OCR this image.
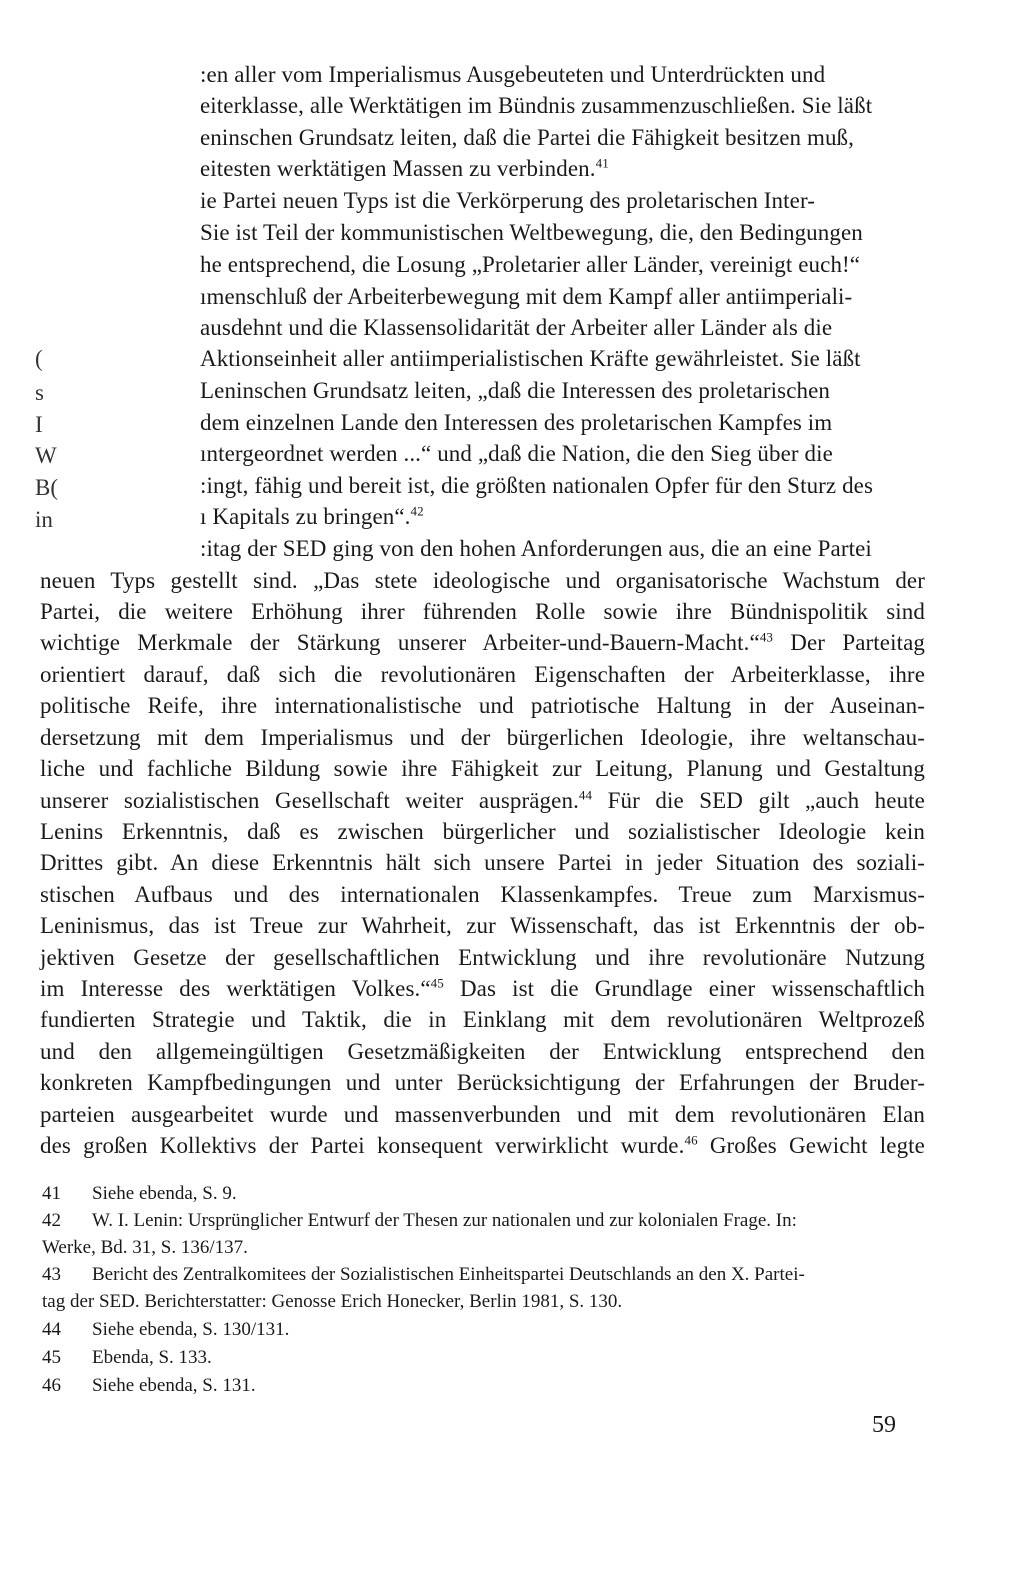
:en aller vom Imperialismus Ausgebeuteten und Unterdrückten und
eiterklasse, alle Werktätigen im Bündnis zusammenzuschließen. Sie läßt
eninschen Grundsatz leiten, daß die Partei die Fähigkeit besitzen muß,
eitesten werktätigen Massen zu verbinden.$^{41}$
ie Partei neuen Typs ist die Verkörperung des proletarischen Inter-
Sie ist Teil der kommunistischen Weltbewegung, die, den Bedingungen
he entsprechend, die Losung „Proletarier aller Länder, vereinigt euch!“
ımenschluß der Arbeiterbewegung mit dem Kampf aller antiimperiali-
ausdehnt und die Klassensolidarität der Arbeiter aller Länder als die
Aktionseinheit aller antiimperialistischen Kräfte gewährleistet. Sie läßt
Leninschen Grundsatz leiten, „daß die Interessen des proletarischen
dem einzelnen Lande den Interessen des proletarischen Kampfes im
ıntergeordnet werden ...“ und „daß die Nation, die den Sieg über die
:ingt, fähig und bereit ist, die größten nationalen Opfer für den Sturz des
ı Kapitals zu bringen“.$^{42}$
:itag der SED ging von den hohen Anforderungen aus, die an eine Partei
(
s
I
W
B(
in
neuen Typs gestellt sind. „Das stete ideologische und organisatorische Wachstum der
Partei, die weitere Erhöhung ihrer führenden Rolle sowie ihre Bündnispolitik sind
wichtige Merkmale der Stärkung unserer Arbeiter-und-Bauern-Macht.“$^{43}$ Der Parteitag
orientiert darauf, daß sich die revolutionären Eigenschaften der Arbeiterklasse, ihre
politische Reife, ihre internationalistische und patriotische Haltung in der Auseinan-
dersetzung mit dem Imperialismus und der bürgerlichen Ideologie, ihre weltanschau-
liche und fachliche Bildung sowie ihre Fähigkeit zur Leitung, Planung und Gestaltung
unserer sozialistischen Gesellschaft weiter ausprägen.$^{44}$ Für die SED gilt „auch heute
Lenins Erkenntnis, daß es zwischen bürgerlicher und sozialistischer Ideologie kein
Drittes gibt. An diese Erkenntnis hält sich unsere Partei in jeder Situation des soziali-
stischen Aufbaus und des internationalen Klassenkampfes. Treue zum Marxismus-
Leninismus, das ist Treue zur Wahrheit, zur Wissenschaft, das ist Erkenntnis der ob-
jektiven Gesetze der gesellschaftlichen Entwicklung und ihre revolutionäre Nutzung
im Interesse des werktätigen Volkes.“$^{45}$ Das ist die Grundlage einer wissenschaftlich
fundierten Strategie und Taktik, die in Einklang mit dem revolutionären Weltprozeß
und den allgemeingültigen Gesetzmäßigkeiten der Entwicklung entsprechend den
konkreten Kampfbedingungen und unter Berücksichtigung der Erfahrungen der Bruder-
parteien ausgearbeitet wurde und massenverbunden und mit dem revolutionären Elan
des großen Kollektivs der Partei konsequent verwirklicht wurde.$^{46}$ Großes Gewicht legte
41	Siehe ebenda, S. 9.
42	W. I. Lenin: Ursprünglicher Entwurf der Thesen zur nationalen und zur kolonialen Frage. In:
Werke, Bd. 31, S. 136/137.
43	Bericht des Zentralkomitees der Sozialistischen Einheitspartei Deutschlands an den X. Partei-
tag der SED. Berichterstatter: Genosse Erich Honecker, Berlin 1981, S. 130.
44	Siehe ebenda, S. 130/131.
45	Ebenda, S. 133.
46	Siehe ebenda, S. 131.
59
